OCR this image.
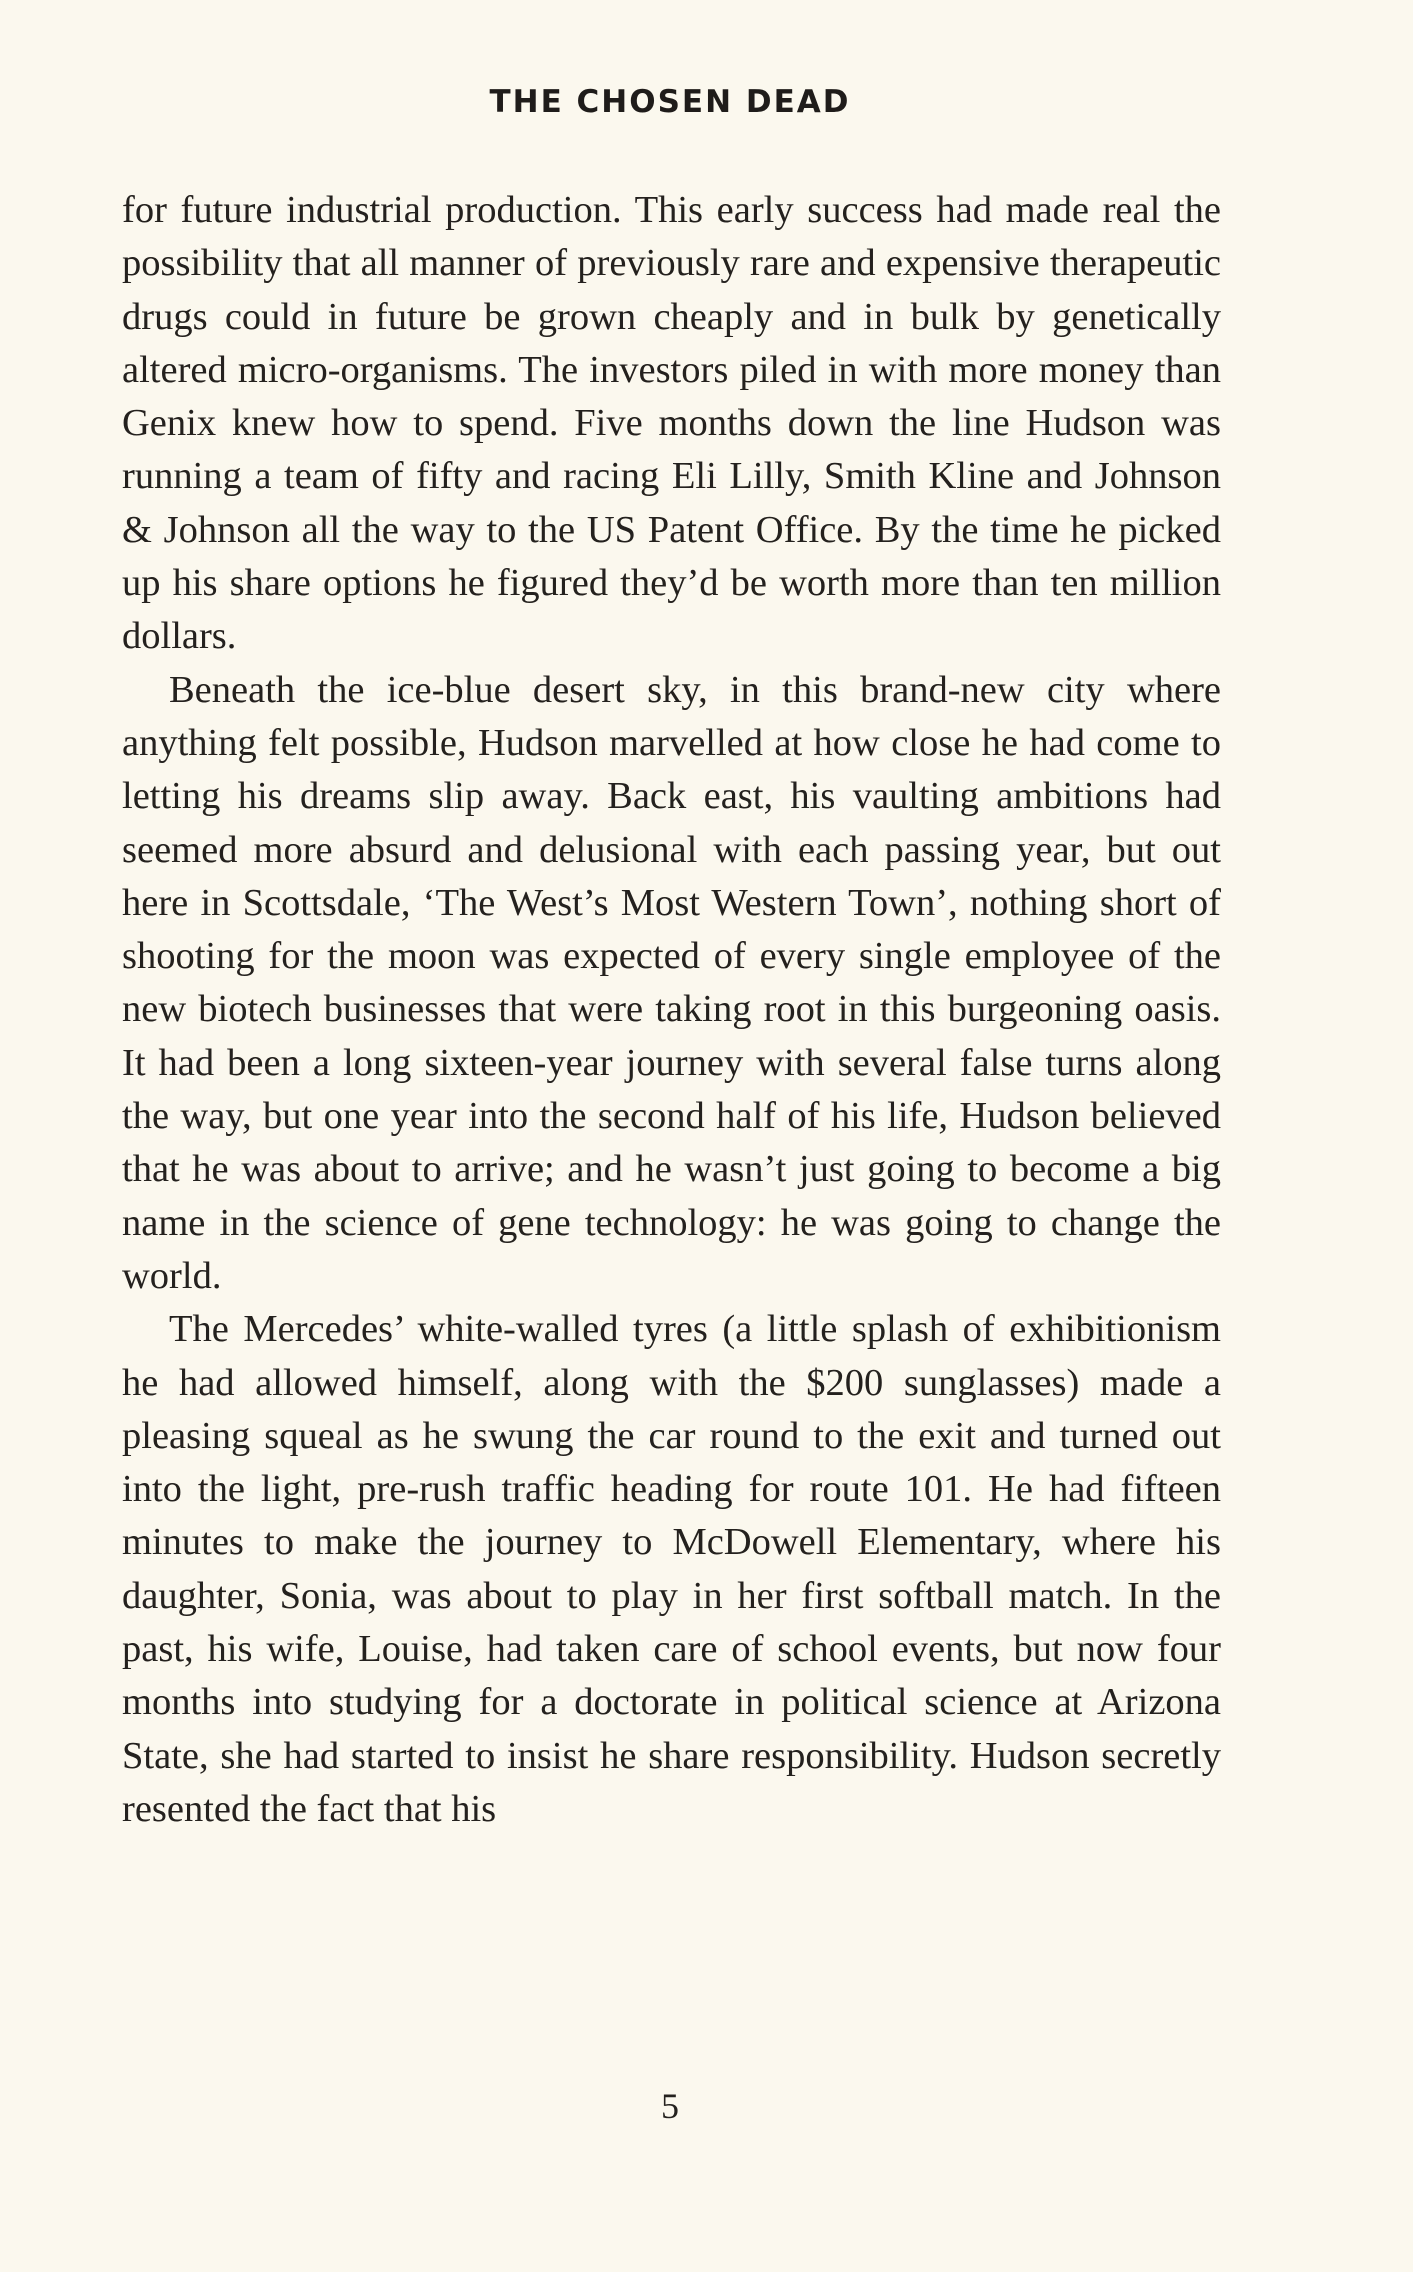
THE CHOSEN DEAD

for future industrial production. This early success had made real the possibility that all manner of previously rare and expensive therapeutic drugs could in future be grown cheaply and in bulk by genetically altered micro-organisms. The investors piled in with more money than Genix knew how to spend. Five months down the line Hudson was running a team of fifty and racing Eli Lilly, Smith Kline and Johnson & Johnson all the way to the US Patent Office. By the time he picked up his share options he figured they’d be worth more than ten million dollars.

Beneath the ice-blue desert sky, in this brand-new city where anything felt possible, Hudson marvelled at how close he had come to letting his dreams slip away. Back east, his vaulting ambitions had seemed more absurd and delusional with each passing year, but out here in Scottsdale, ‘The West’s Most Western Town’, nothing short of shooting for the moon was expected of every single employee of the new biotech businesses that were taking root in this burgeoning oasis. It had been a long sixteen-year journey with several false turns along the way, but one year into the second half of his life, Hudson believed that he was about to arrive; and he wasn’t just going to become a big name in the science of gene technology: he was going to change the world.

The Mercedes’ white-walled tyres (a little splash of exhibitionism he had allowed himself, along with the $200 sunglasses) made a pleasing squeal as he swung the car round to the exit and turned out into the light, pre-rush traffic heading for route 101. He had fifteen minutes to make the journey to McDowell Elementary, where his daughter, Sonia, was about to play in her first softball match. In the past, his wife, Louise, had taken care of school events, but now four months into studying for a doctorate in political science at Arizona State, she had started to insist he share responsibility. Hudson secretly resented the fact that his

5
